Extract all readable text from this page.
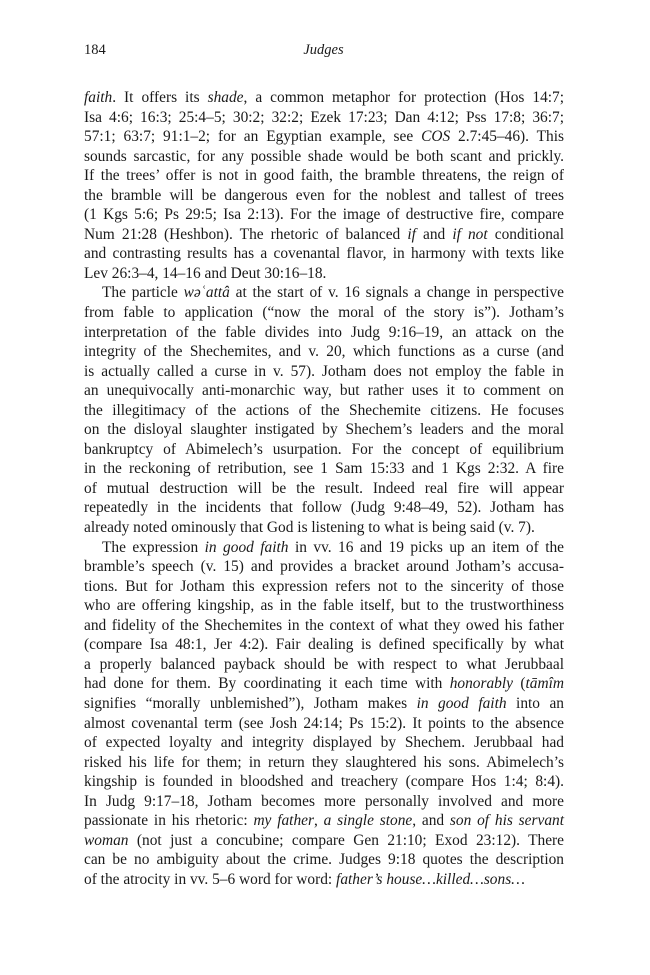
184	Judges
faith. It offers its shade, a common metaphor for protection (Hos 14:7;
Isa 4:6; 16:3; 25:4–5; 30:2; 32:2; Ezek 17:23; Dan 4:12; Pss 17:8; 36:7;
57:1; 63:7; 91:1–2; for an Egyptian example, see COS 2.7:45–46). This
sounds sarcastic, for any possible shade would be both scant and prickly.
If the trees’ offer is not in good faith, the bramble threatens, the reign of
the bramble will be dangerous even for the noblest and tallest of trees
(1 Kgs 5:6; Ps 29:5; Isa 2:13). For the image of destructive fire, compare
Num 21:28 (Heshbon). The rhetoric of balanced if and if not conditional
and contrasting results has a covenantal flavor, in harmony with texts like
Lev 26:3–4, 14–16 and Deut 30:16–18.
The particle wəʿattâ at the start of v. 16 signals a change in perspective
from fable to application (“now the moral of the story is”). Jotham’s
interpretation of the fable divides into Judg 9:16–19, an attack on the
integrity of the Shechemites, and v. 20, which functions as a curse (and
is actually called a curse in v. 57). Jotham does not employ the fable in
an unequivocally anti-monarchic way, but rather uses it to comment on
the illegitimacy of the actions of the Shechemite citizens. He focuses
on the disloyal slaughter instigated by Shechem’s leaders and the moral
bankruptcy of Abimelech’s usurpation. For the concept of equilibrium
in the reckoning of retribution, see 1 Sam 15:33 and 1 Kgs 2:32. A fire
of mutual destruction will be the result. Indeed real fire will appear
repeatedly in the incidents that follow (Judg 9:48–49, 52). Jotham has
already noted ominously that God is listening to what is being said (v. 7).
The expression in good faith in vv. 16 and 19 picks up an item of the
bramble’s speech (v. 15) and provides a bracket around Jotham’s accusa-
tions. But for Jotham this expression refers not to the sincerity of those
who are offering kingship, as in the fable itself, but to the trustworthiness
and fidelity of the Shechemites in the context of what they owed his father
(compare Isa 48:1, Jer 4:2). Fair dealing is defined specifically by what
a properly balanced payback should be with respect to what Jerubbaal
had done for them. By coordinating it each time with honorably (tāmîm
signifies “morally unblemished”), Jotham makes in good faith into an
almost covenantal term (see Josh 24:14; Ps 15:2). It points to the absence
of expected loyalty and integrity displayed by Shechem. Jerubbaal had
risked his life for them; in return they slaughtered his sons. Abimelech’s
kingship is founded in bloodshed and treachery (compare Hos 1:4; 8:4).
In Judg 9:17–18, Jotham becomes more personally involved and more
passionate in his rhetoric: my father, a single stone, and son of his servant
woman (not just a concubine; compare Gen 21:10; Exod 23:12). There
can be no ambiguity about the crime. Judges 9:18 quotes the description
of the atrocity in vv. 5–6 word for word: father’s house…killed…sons…
